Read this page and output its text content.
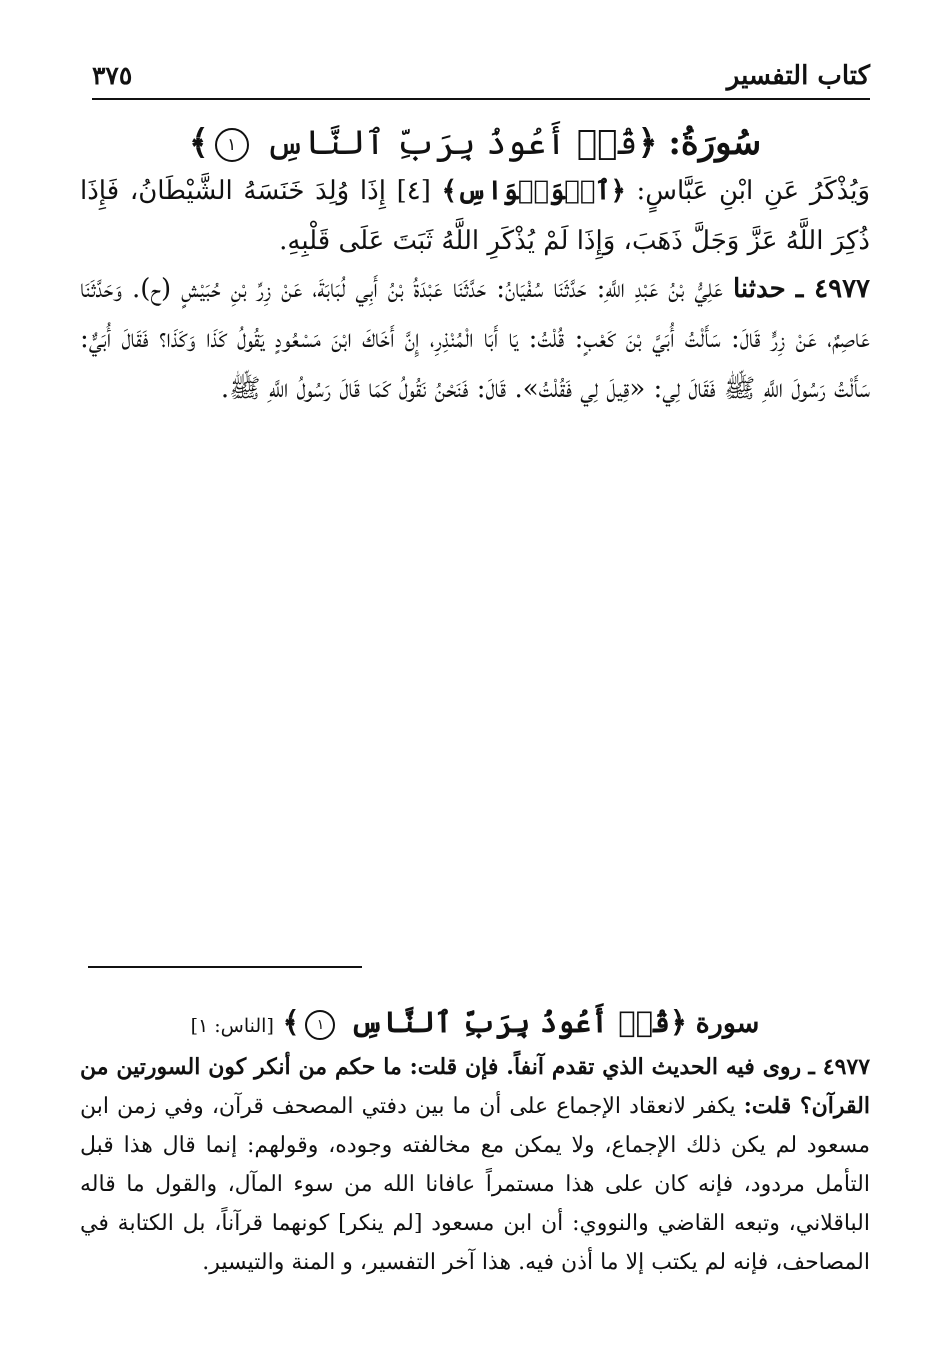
كتاب التفسير
٣٧٥
سُورَةُ: ﴿قُلۡ أَعُوذُ بِرَبِّ ٱلنَّاسِ ١﴾
وَيُذْكَرُ عَنِ ابْنِ عَبَّاسٍ: ﴿ٱلۡوَسۡوَاسِ﴾ [٤] إِذَا وُلِدَ خَنَسَهُ الشَّيْطَانُ، فَإِذَا ذُكِرَ اللَّهُ عَزَّ وَجَلَّ ذَهَبَ، وَإِذَا لَمْ يُذْكَرِ اللَّهُ ثَبَتَ عَلَى قَلْبِهِ.
٤٩٧٧ ـ حدثنا عَلِيُّ بْنُ عَبْدِ اللَّهِ: حَدَّثَنَا سُفْيَانُ: حَدَّثَنَا عَبْدَةُ بْنُ أَبِي لُبَابَةَ، عَنْ زِرِّ بْنِ حُبَيْشٍ (ح). وَحَدَّثَنَا عَاصِمٌ، عَنْ زِرٍّ قَالَ: سَأَلْتُ أُبَيَّ بْنَ كَعْبٍ: قُلْتُ: يَا أَبَا الْمُنْذِرِ، إِنَّ أَخَاكَ ابْنَ مَسْعُودٍ يَقُولُ كَذَا وَكَذَا؟ فَقَالَ أُبَيٌّ: سَأَلْتُ رَسُولَ اللَّهِ ﷺ فَقَالَ لِي: «قِيلَ لِي فَقُلْتُ». قَالَ: فَنَحْنُ نَقُولُ كَمَا قَالَ رَسُولُ اللَّهِ ﷺ.
سورة ﴿قُلۡ أَعُوذُ بِرَبِّ ٱلنَّاسِ ١﴾ [الناس: ١]
٤٩٧٧ ـ روى فيه الحديث الذي تقدم آنفاً. فإن قلت: ما حكم من أنكر كون السورتين من القرآن؟ قلت: يكفر لانعقاد الإجماع على أن ما بين دفتي المصحف قرآن، وفي زمن ابن مسعود لم يكن ذلك الإجماع، ولا يمكن مع مخالفته وجوده، وقولهم: إنما قال هذا قبل التأمل مردود، فإنه كان على هذا مستمراً عافانا الله من سوء المآل، والقول ما قاله الباقلاني، وتبعه القاضي والنووي: أن ابن مسعود [لم ينكر] كونهما قرآناً، بل الكتابة في المصاحف، فإنه لم يكتب إلا ما أذن فيه. هذا آخر التفسير، و المنة والتيسير.
